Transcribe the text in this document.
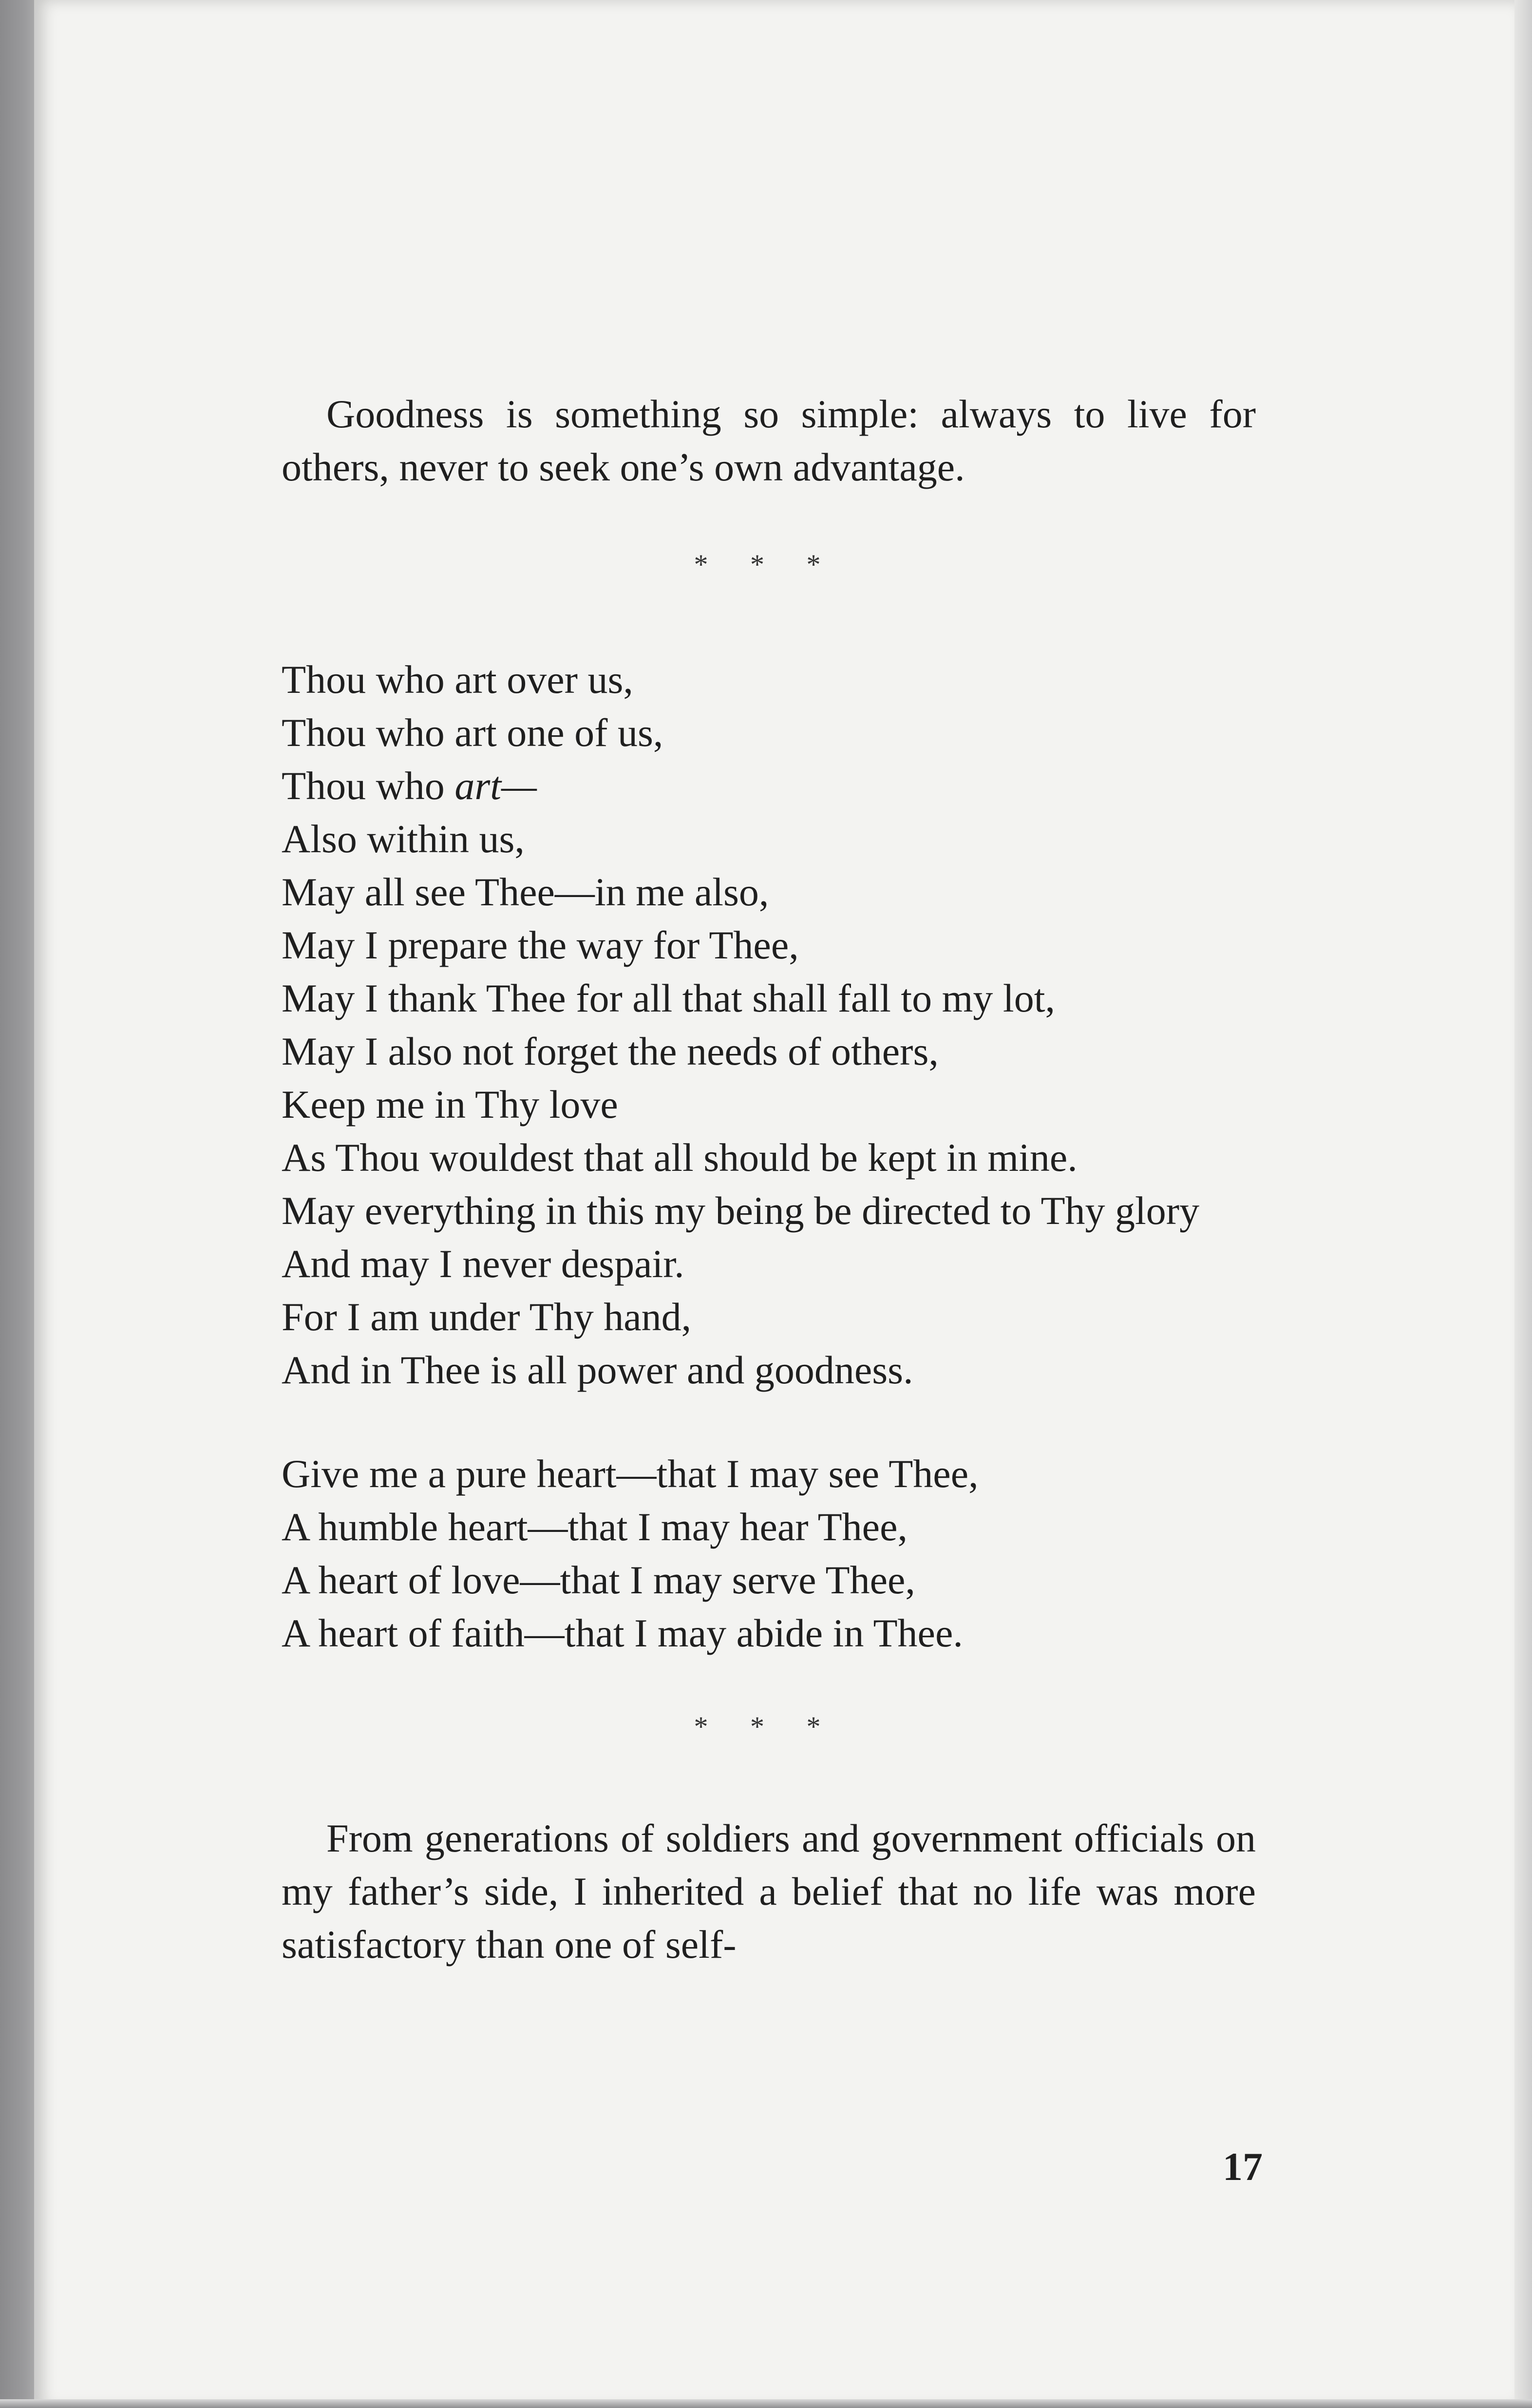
Goodness is something so simple: always to live for others, never to seek one’s own advantage.
* * *
Thou who art over us,
Thou who art one of us,
Thou who art—
Also within us,
May all see Thee—in me also,
May I prepare the way for Thee,
May I thank Thee for all that shall fall to my lot,
May I also not forget the needs of others,
Keep me in Thy love
As Thou wouldest that all should be kept in mine.
May everything in this my being be directed to Thy glory
And may I never despair.
For I am under Thy hand,
And in Thee is all power and goodness.
Give me a pure heart—that I may see Thee,
A humble heart—that I may hear Thee,
A heart of love—that I may serve Thee,
A heart of faith—that I may abide in Thee.
* * *
From generations of soldiers and government officials on my father’s side, I inherited a belief that no life was more satisfactory than one of self-
17
